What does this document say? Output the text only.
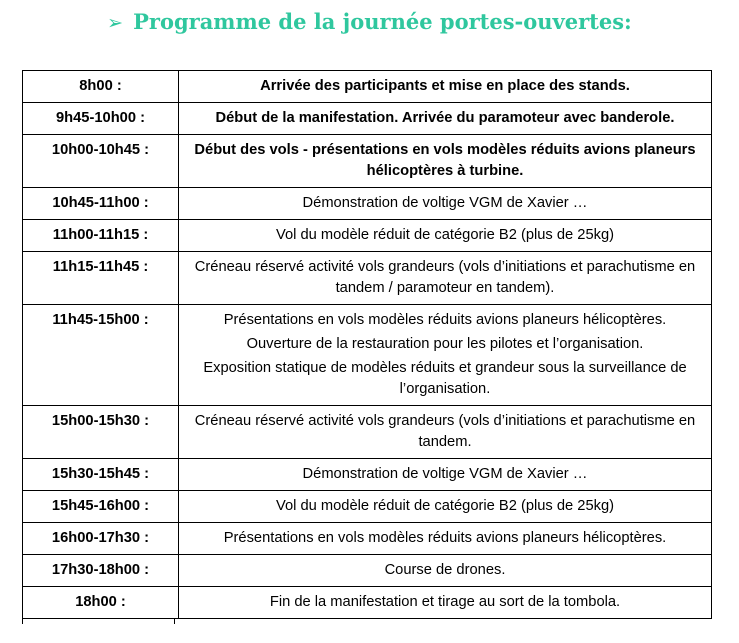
➢ Programme de la journée portes-ouvertes:
8h00 :	Arrivée des participants et mise en place des stands.

9h45-10h00 :	Début de la manifestation. Arrivée du paramoteur avec banderole.

10h00-10h45 :	Début des vols - présentations en vols modèles réduits avions planeurs hélicoptères à turbine.

10h45-11h00 :	Démonstration de voltige VGM de Xavier …

11h00-11h15 :	Vol du modèle réduit de catégorie B2 (plus de 25kg)

11h15-11h45 :	Créneau réservé activité vols grandeurs (vols d’initiations et parachutisme en tandem / paramoteur en tandem).

11h45-15h00 :	Présentations en vols modèles réduits avions planeurs hélicoptères.

Ouverture de la restauration pour les pilotes et l’organisation.

Exposition statique de modèles réduits et grandeur sous la surveillance de l’organisation.

15h00-15h30 :	Créneau réservé activité vols grandeurs (vols d’initiations et parachutisme en tandem.

15h30-15h45 :	Démonstration de voltige VGM de Xavier …

15h45-16h00 :	Vol du modèle réduit de catégorie B2 (plus de 25kg)

16h00-17h30 :	Présentations en vols modèles réduits avions planeurs hélicoptères.

17h30-18h00 :	Course de drones.

18h00 :	Fin de la manifestation et tirage au sort de la tombola.
